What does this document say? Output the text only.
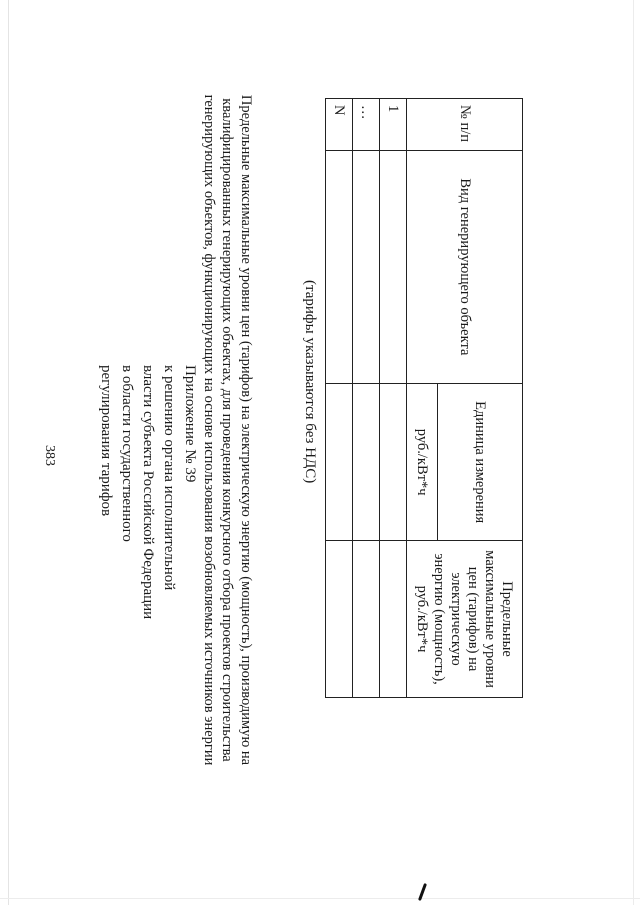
383	Приложение № 39
к решению органа исполнительной
власти субъекта Российской Федерации
в области государственного
регулирования тарифов	Предельные максимальные уровни цен (тарифов) на электрическую энергию (мощность), производимую на
квалифицированных генерирующих объектах, для проведения конкурсного отбора проектов строительства
генерирующих объектов, функционирующих на основе использования возобновляемых источников энергии	(тарифы указываются без НДС)
№ п/п	Вид генерирующего объекта	Единица измерения	Предельные максимальные уровни цен (тарифов) на электрическую энергию (мощность), руб./кВт*ч
		руб./кВт*ч	
1			
…			
N			
